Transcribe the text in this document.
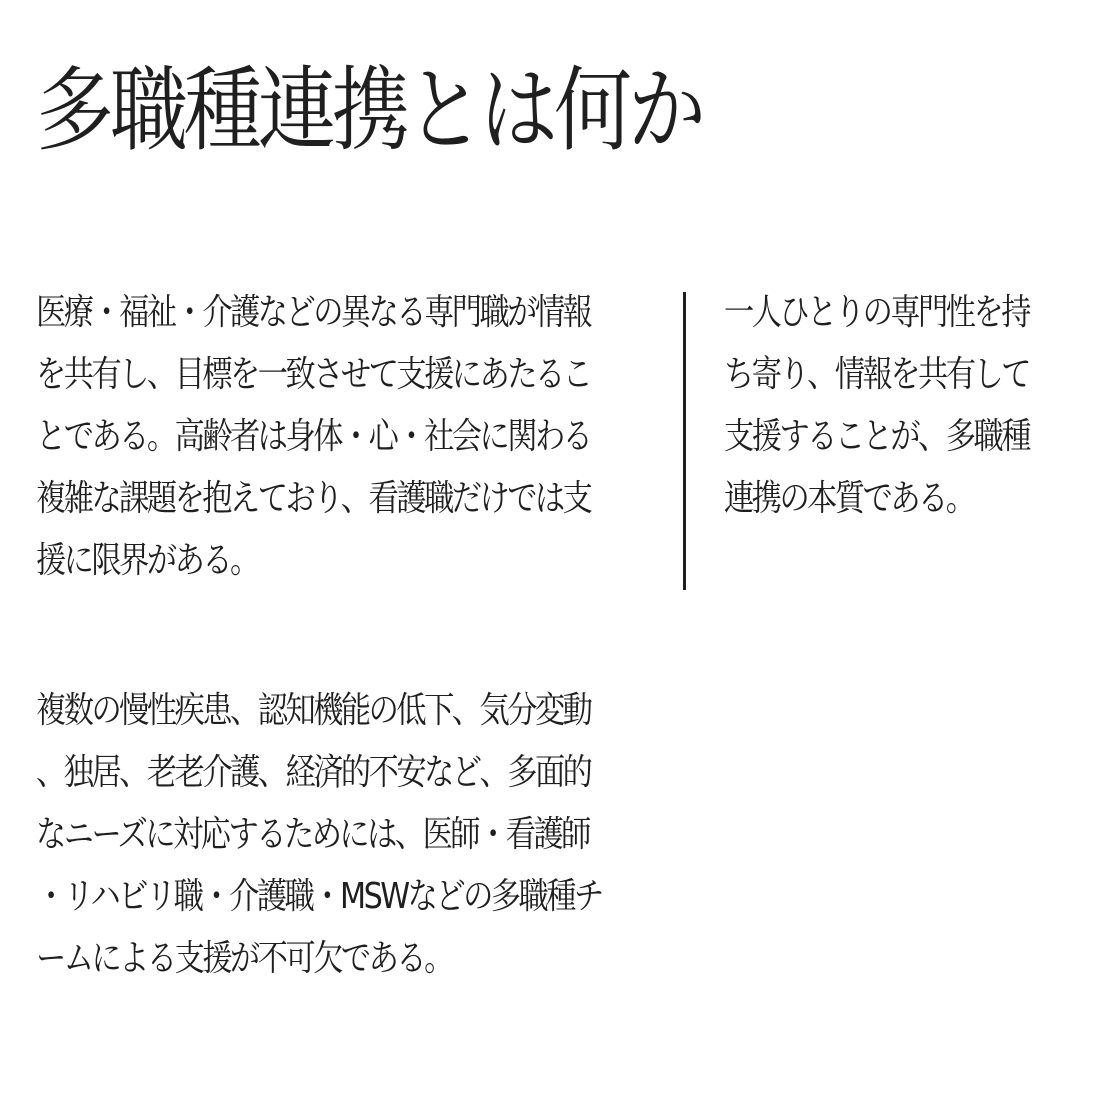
多職種連携とは何か

医療・福祉・介護などの異なる専門職が情報
を共有し、目標を一致させて支援にあたるこ
とである。高齢者は身体・心・社会に関わる
複雑な課題を抱えており、看護職だけでは支
援に限界がある。

複数の慢性疾患、認知機能の低下、気分変動
、独居、老老介護、経済的不安など、多面的
なニーズに対応するためには、医師・看護師
・リハビリ職・介護職・MSWなどの多職種チ
ームによる支援が不可欠である。

一人ひとりの専門性を持
ち寄り、情報を共有して
支援することが、多職種
連携の本質である。
